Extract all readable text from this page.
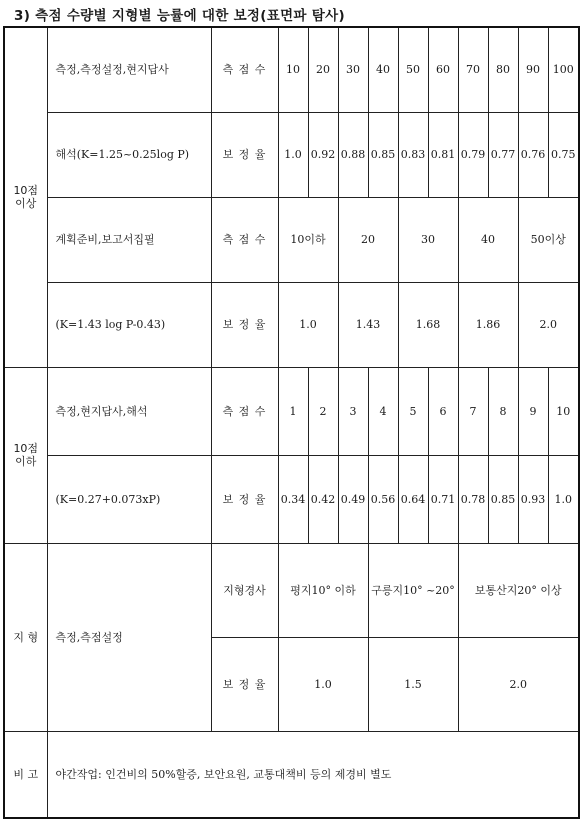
3) 측점 수량별 지형별 능률에 대한 보정(표면파 탐사)
10점
이상	측정,측정설정,현지답사	측 점 수	10	20	30	40	50	60	70	80	90	100
	해석(K=1.25~0.25log P)	보 정 율	1.0	0.92	0.88	0.85	0.83	0.81	0.79	0.77	0.76	0.75
	계획준비,보고서집필	측 점 수	10이하		20		30		40		50이상	
	(K=1.43 log P-0.43)	보 정 율	1.0		1.43		1.68		1.86		2.0	
10점
이하	측정,현지답사,해석	측 점 수	1	2	3	4	5	6	7	8	9	10
	(K=0.27+0.073xP)	보 정 율	0.34	0.42	0.49	0.56	0.64	0.71	0.78	0.85	0.93	1.0
지 형	측정,측점설정	지형경사	평지10° 이하			구릉지10° ~20°			보통산지20° 이상			
		보 정 율	1.0			1.5			2.0			
비 고	야간작업: 인건비의 50%할증, 보안요원, 교통대책비 등의 제경비 별도											
